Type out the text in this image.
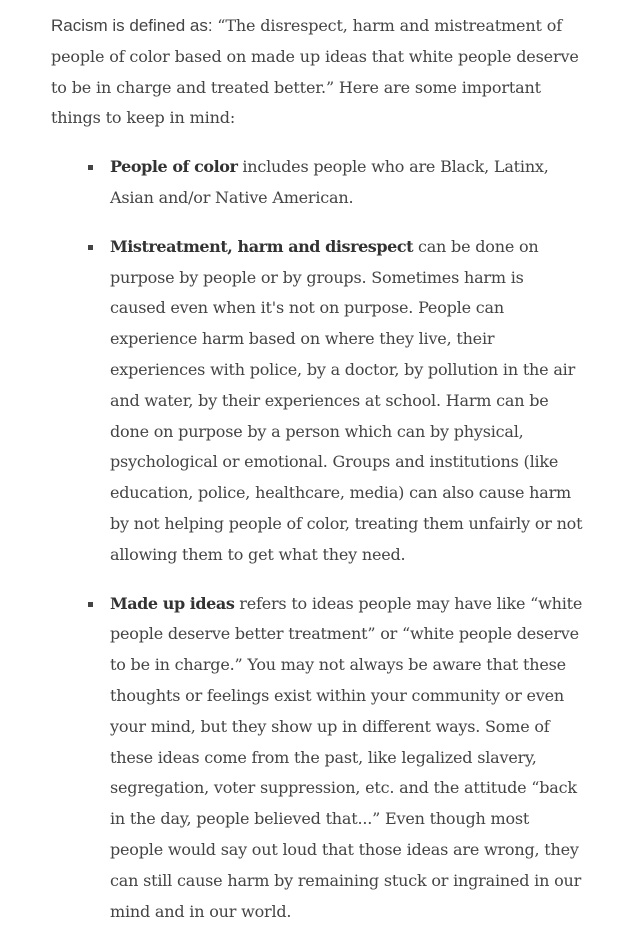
Racism is defined as: “The disrespect, harm and mistreatment of people of color based on made up ideas that white people deserve to be in charge and treated better.” Here are some important things to keep in mind:

People of color includes people who are Black, Latinx, Asian and/or Native American.
Mistreatment, harm and disrespect can be done on purpose by people or by groups. Sometimes harm is caused even when it's not on purpose. People can experience harm based on where they live, their experiences with police, by a doctor, by pollution in the air and water, by their experiences at school. Harm can be done on purpose by a person which can by physical, psychological or emotional. Groups and institutions (like education, police, healthcare, media) can also cause harm by not helping people of color, treating them unfairly or not allowing them to get what they need.
Made up ideas refers to ideas people may have like “white people deserve better treatment” or “white people deserve to be in charge.” You may not always be aware that these thoughts or feelings exist within your community or even your mind, but they show up in different ways. Some of these ideas come from the past, like legalized slavery, segregation, voter suppression, etc. and the attitude “back in the day, people believed that...” Even though most people would say out loud that those ideas are wrong, they can still cause harm by remaining stuck or ingrained in our mind and in our world.
